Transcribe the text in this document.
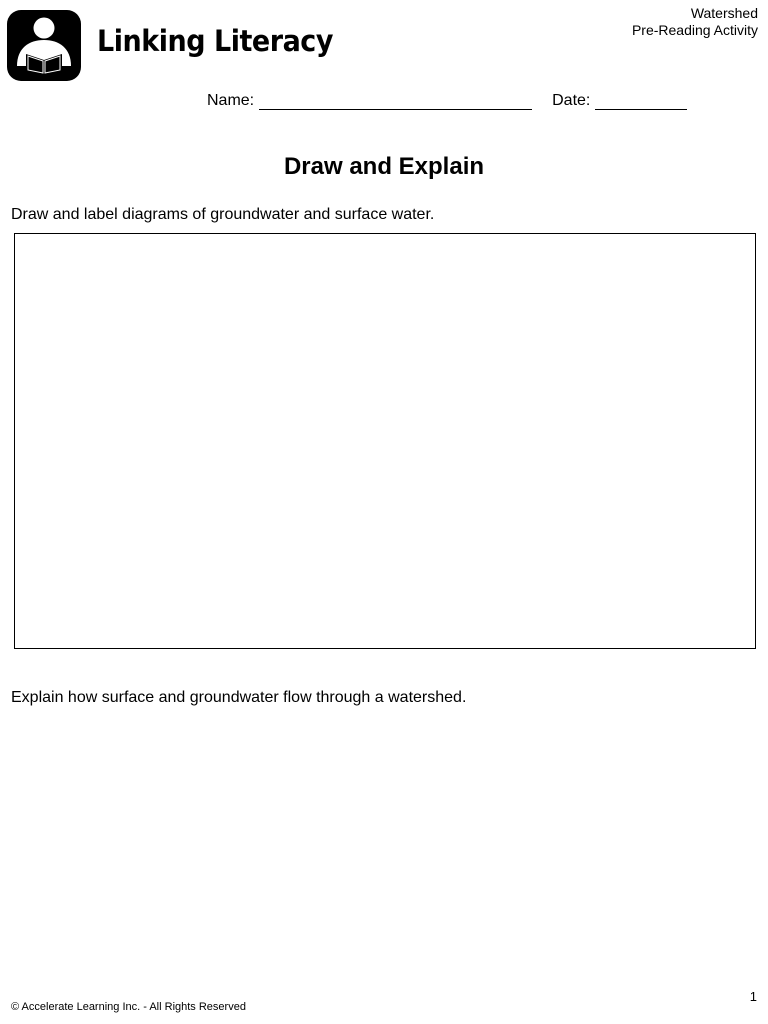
Linking Literacy
Watershed
Pre-Reading Activity
Name:	Date:
Draw and Explain
Draw and label diagrams of groundwater and surface water.
Explain how surface and groundwater flow through a watershed.
1
© Accelerate Learning Inc. - All Rights Reserved
